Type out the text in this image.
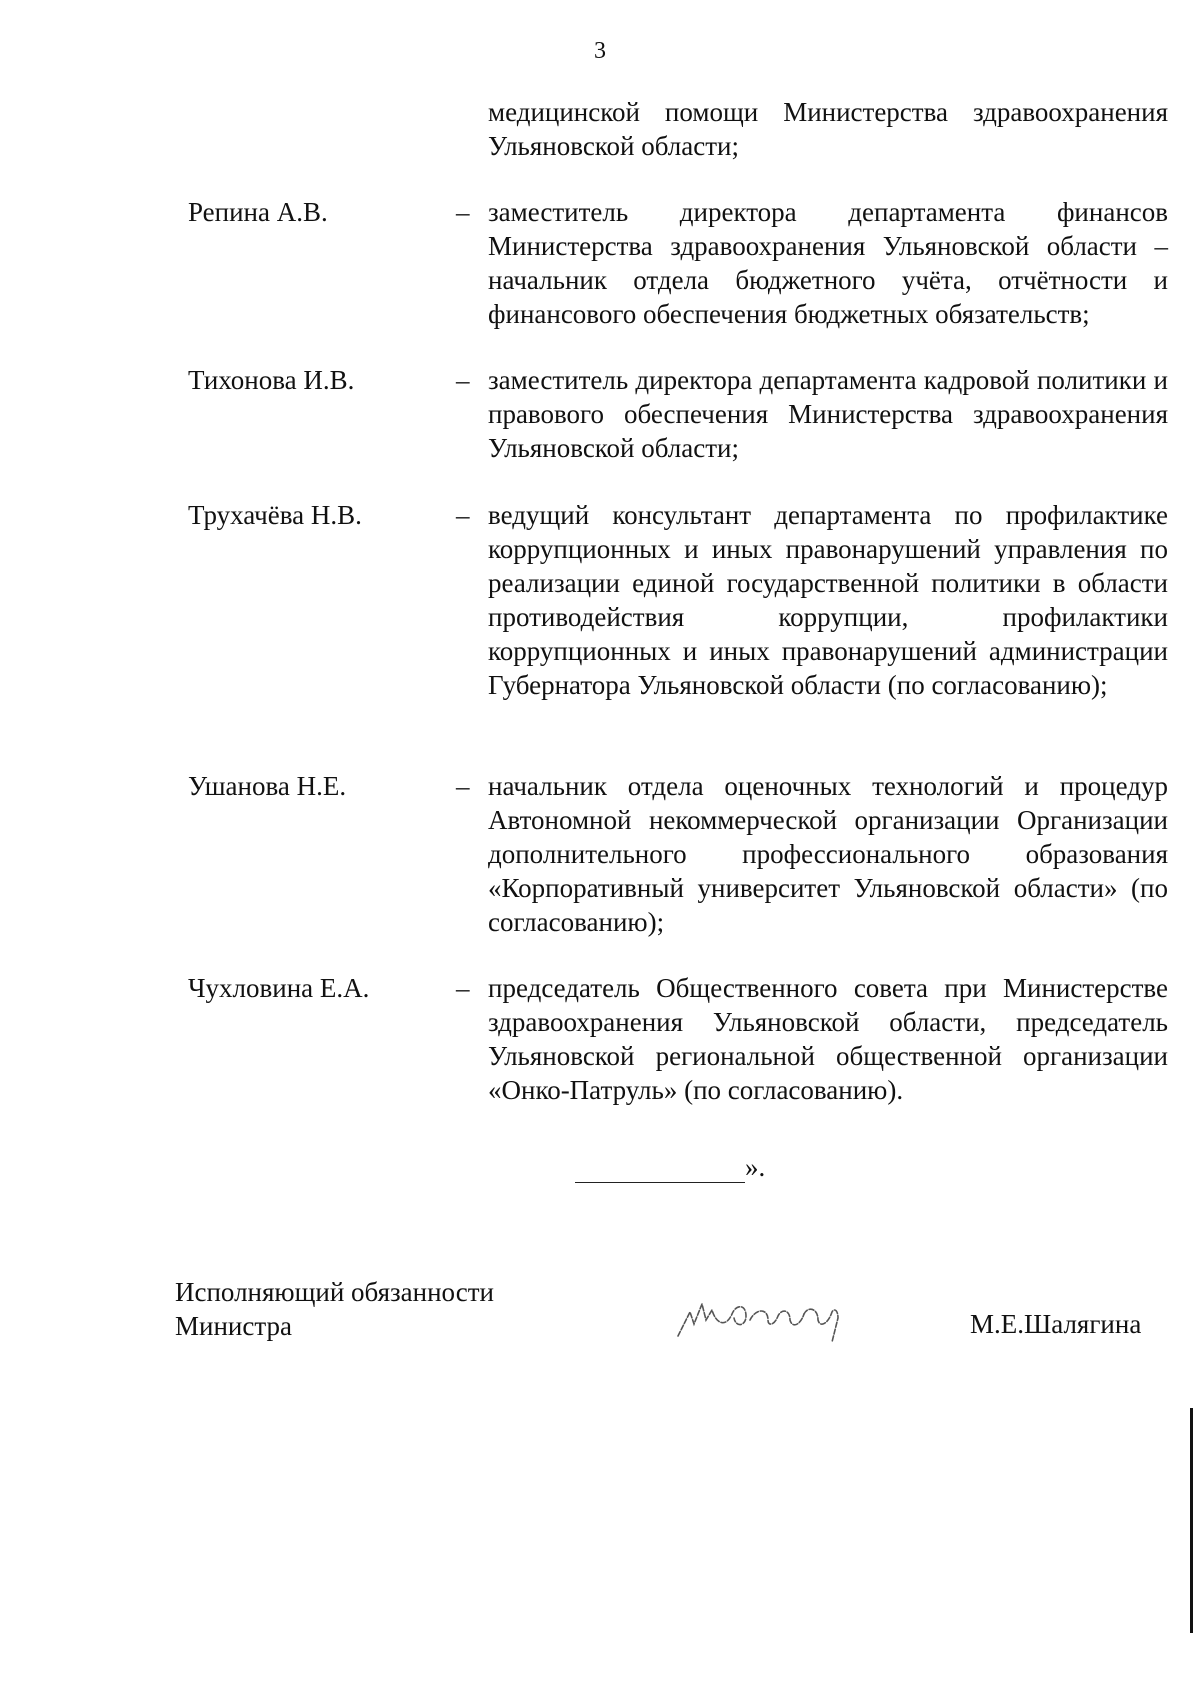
3
медицинской помощи Министерства здравоохранения Ульяновской области;
Репина А.В.	– заместитель директора департамента финансов Министерства здравоохранения Ульяновской области – начальник отдела бюджетного учёта, отчётности и финансового обеспечения бюджетных обязательств;
Тихонова И.В.	– заместитель директора департамента кадровой политики и правового обеспечения Министерства здравоохранения Ульяновской области;
Трухачёва Н.В.	– ведущий консультант департамента по профилактике коррупционных и иных правонарушений управления по реализации единой государственной политики в области противодействия коррупции, профилактики коррупционных и иных правонарушений администрации Губернатора Ульяновской области (по согласованию);
Ушанова Н.Е.	– начальник отдела оценочных технологий и процедур Автономной некоммерческой организации Организации дополнительного профессионального образования «Корпоративный университет Ульяновской области» (по согласованию);
Чухловина Е.А.	– председатель Общественного совета при Министерстве здравоохранения Ульяновской области, председатель Ульяновской региональной общественной организации «Онко-Патруль» (по согласованию).
».
Исполняющий обязанности
Министра	М.Е.Шалягина
